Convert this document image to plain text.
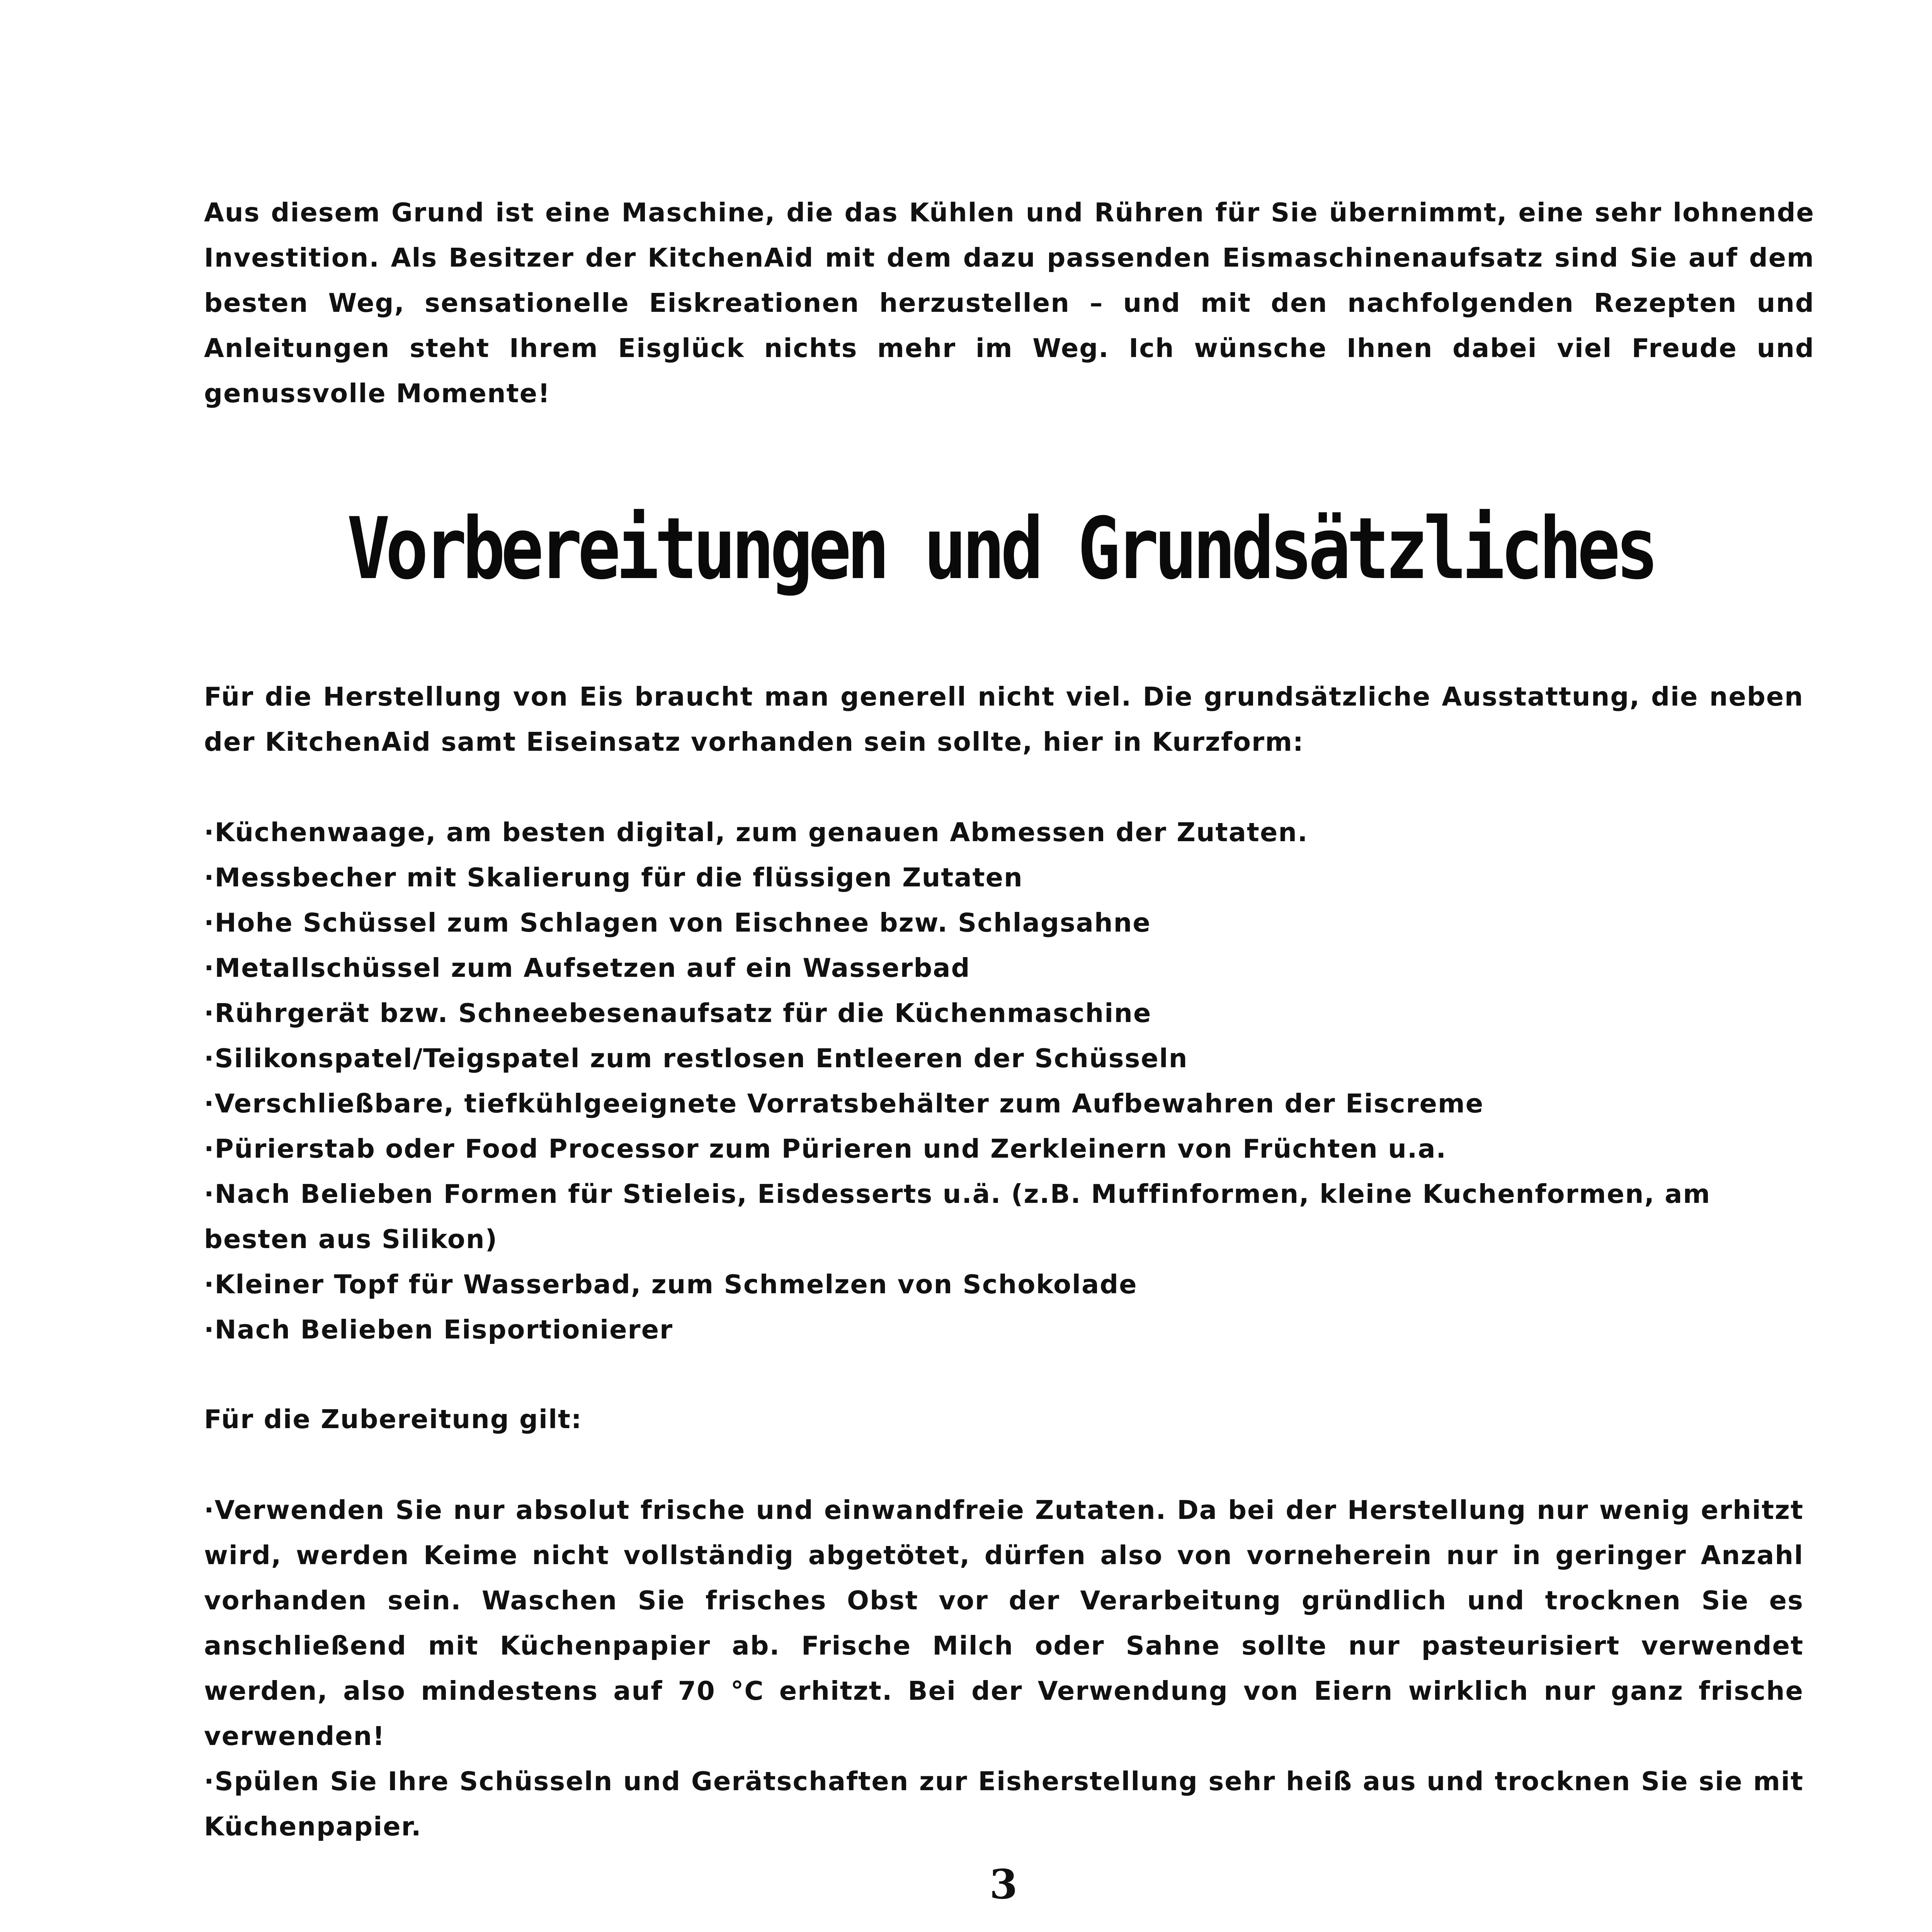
Aus diesem Grund ist eine Maschine, die das Kühlen und Rühren für Sie übernimmt, eine sehr lohnende Investition. Als Besitzer der KitchenAid mit dem dazu passenden Eismaschinenaufsatz sind Sie auf dem besten Weg, sensationelle Eiskreationen herzustellen – und mit den nachfolgenden Rezepten und Anleitungen steht Ihrem Eisglück nichts mehr im Weg. Ich wünsche Ihnen dabei viel Freude und genussvolle Momente!

Vorbereitungen und Grundsätzliches

Für die Herstellung von Eis braucht man generell nicht viel. Die grundsätzliche Ausstattung, die neben der KitchenAid samt Eiseinsatz vorhanden sein sollte, hier in Kurzform:

·Küchenwaage, am besten digital, zum genauen Abmessen der Zutaten.
·Messbecher mit Skalierung für die flüssigen Zutaten
·Hohe Schüssel zum Schlagen von Eischnee bzw. Schlagsahne
·Metallschüssel zum Aufsetzen auf ein Wasserbad
·Rührgerät bzw. Schneebesenaufsatz für die Küchenmaschine
·Silikonspatel/Teigspatel zum restlosen Entleeren der Schüsseln
·Verschließbare, tiefkühlgeeignete Vorratsbehälter zum Aufbewahren der Eiscreme
·Pürierstab oder Food Processor zum Pürieren und Zerkleinern von Früchten u.a.
·Nach Belieben Formen für Stieleis, Eisdesserts u.ä. (z.B. Muffinformen, kleine Kuchenformen, am besten aus Silikon)
·Kleiner Topf für Wasserbad, zum Schmelzen von Schokolade
·Nach Belieben Eisportionierer

Für die Zubereitung gilt:

·Verwenden Sie nur absolut frische und einwandfreie Zutaten. Da bei der Herstellung nur wenig erhitzt wird, werden Keime nicht vollständig abgetötet, dürfen also von vorneherein nur in geringer Anzahl vorhanden sein. Waschen Sie frisches Obst vor der Verarbeitung gründlich und trocknen Sie es anschließend mit Küchenpapier ab. Frische Milch oder Sahne sollte nur pasteurisiert verwendet werden, also mindestens auf 70 °C erhitzt. Bei der Verwendung von Eiern wirklich nur ganz frische verwenden!
·Spülen Sie Ihre Schüsseln und Gerätschaften zur Eisherstellung sehr heiß aus und trocknen Sie sie mit Küchenpapier.
3
